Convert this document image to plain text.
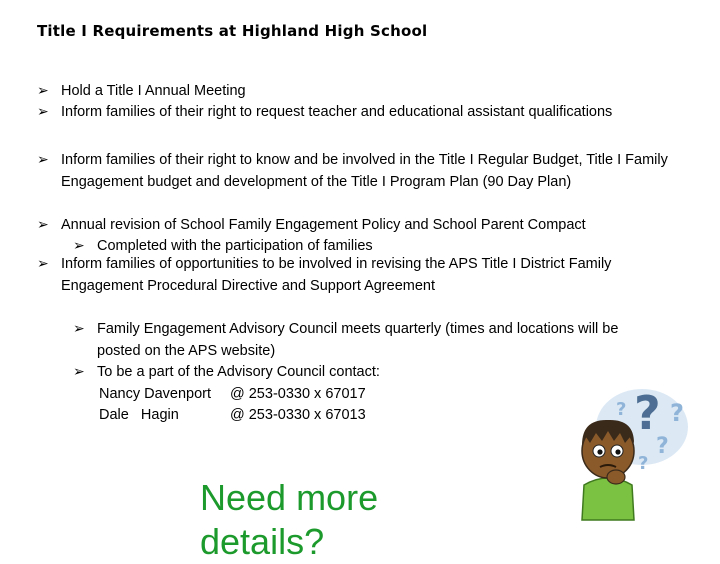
Title I Requirements at Highland High School
➢ Hold a Title I Annual Meeting
➢ Inform families of their right to request teacher and educational assistant qualifications
➢ Inform families of their right to know and be involved in the Title I Regular Budget, Title I Family Engagement budget and development of the Title I Program Plan (90 Day Plan)
➢ Annual revision of School Family Engagement Policy and School Parent Compact
➢ Completed with the participation of families
➢ Inform families of opportunities to be involved in revising the APS Title I District Family Engagement Procedural Directive and Support Agreement
➢ Family Engagement Advisory Council meets quarterly (times and locations will be posted on the APS website)
➢ To be a part of the Advisory Council contact:
Nancy Davenport @ 253-0330 x 67017
Dale   Hagin	@ 253-0330 x 67013
Need more details?
? ?
?
?
?
